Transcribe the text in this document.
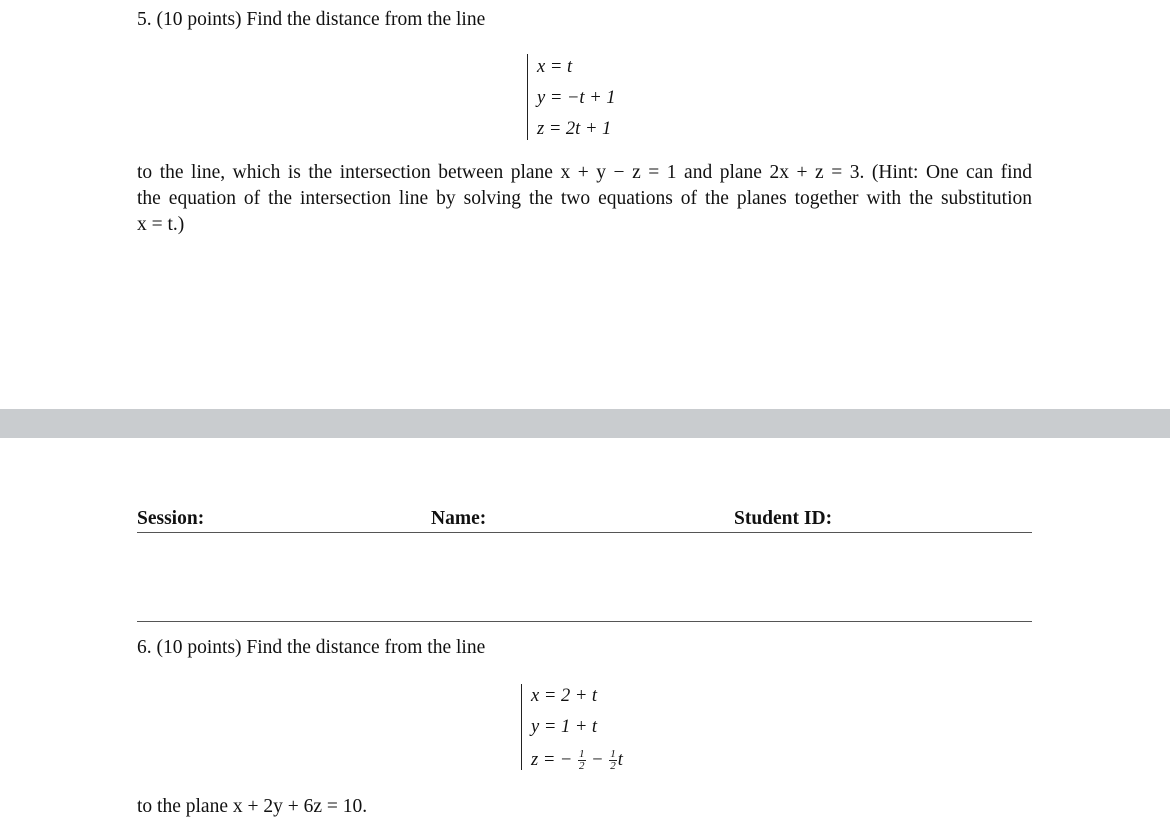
5. (10 points) Find the distance from the line
x = t
y = −t + 1
z = 2t + 1
to the line, which is the intersection between plane x + y − z = 1 and plane 2x + z = 3. (Hint: One can find
the equation of the intersection line by solving the two equations of the planes together with the substitution
x = t.)
Session:	Name:	Student ID:
6. (10 points) Find the distance from the line
x = 2 + t
y = 1 + t
z = − $\frac{1}{2} - \frac{1}{2}$ t
to the plane x + 2y + 6z = 10.
